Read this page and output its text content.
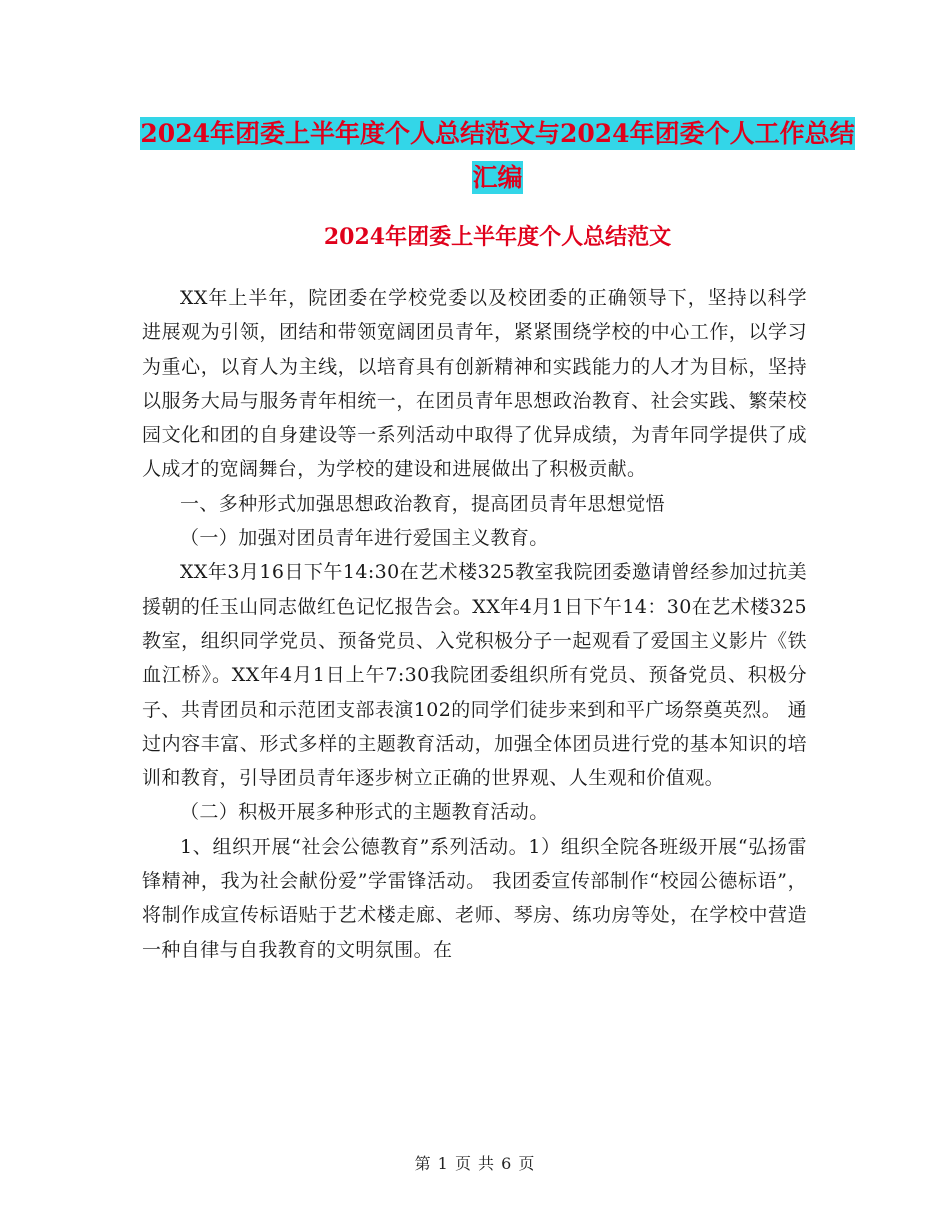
2024年团委上半年度个人总结范文与2024年团委个人工作总结汇编
2024年团委上半年度个人总结范文

XX年上半年，院团委在学校党委以及校团委的正确领导下，坚持以科学进展观为引领，团结和带领宽阔团员青年，紧紧围绕学校的中心工作，以学习为重心，以育人为主线，以培育具有创新精神和实践能力的人才为目标，坚持以服务大局与服务青年相统一，在团员青年思想政治教育、社会实践、繁荣校园文化和团的自身建设等一系列活动中取得了优异成绩，为青年同学提供了成人成才的宽阔舞台，为学校的建设和进展做出了积极贡献。

一、多种形式加强思想政治教育，提高团员青年思想觉悟

（一）加强对团员青年进行爱国主义教育。

XX年3月16日下午14:30在艺术楼325教室我院团委邀请曾经参加过抗美援朝的任玉山同志做红色记忆报告会。XX年4月1日下午14：30在艺术楼325教室，组织同学党员、预备党员、入党积极分子一起观看了爱国主义影片《铁血江桥》。XX年4月1日上午7:30我院团委组织所有党员、预备党员、积极分子、共青团员和示范团支部表演102的同学们徒步来到和平广场祭奠英烈。 通过内容丰富、形式多样的主题教育活动，加强全体团员进行党的基本知识的培训和教育，引导团员青年逐步树立正确的世界观、人生观和价值观。

（二）积极开展多种形式的主题教育活动。

1、组织开展“社会公德教育”系列活动。1）组织全院各班级开展“弘扬雷锋精神，我为社会献份爱”学雷锋活动。 我团委宣传部制作“校园公德标语”，将制作成宣传标语贴于艺术楼走廊、老师、琴房、练功房等处，在学校中营造一种自律与自我教育的文明氛围。在

第 1 页 共 6 页
